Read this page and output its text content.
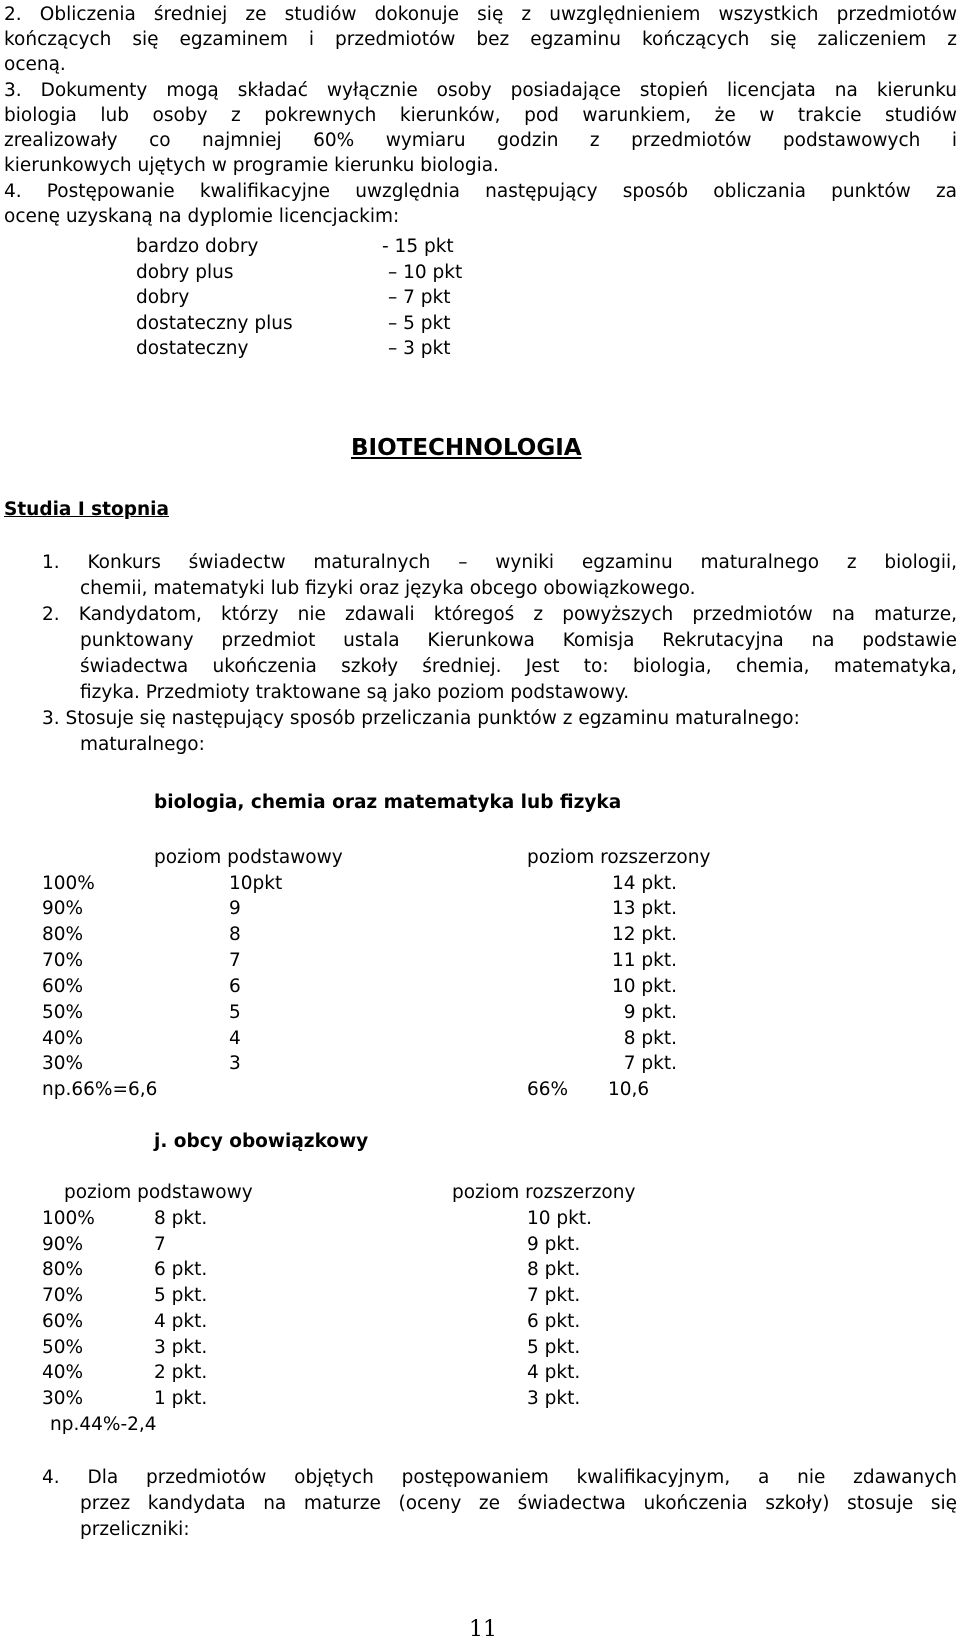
2. Obliczenia średniej ze studiów dokonuje się z uwzględnieniem wszystkich przedmiotów
kończących się egzaminem i przedmiotów bez egzaminu kończących się zaliczeniem z
oceną.
3. Dokumenty mogą składać wyłącznie osoby posiadające stopień licencjata na kierunku
biologia lub osoby z pokrewnych kierunków, pod warunkiem, że w trakcie studiów
zrealizowały co najmniej 60% wymiaru godzin z przedmiotów podstawowych i
kierunkowych ujętych w programie kierunku biologia.
4. Postępowanie kwalifikacyjne uwzględnia następujący sposób obliczania punktów za
ocenę uzyskaną na dyplomie licencjackim:
bardzo dobry	- 15 pkt
dobry plus	– 10 pkt
dobry	– 7 pkt
dostateczny plus	– 5 pkt
dostateczny	– 3 pkt
BIOTECHNOLOGIA
Studia I stopnia
1. Konkurs świadectw maturalnych – wyniki egzaminu maturalnego z biologii,
chemii, matematyki lub fizyki oraz języka obcego obowiązkowego.
2. Kandydatom, którzy nie zdawali któregoś z powyższych przedmiotów na maturze,
punktowany przedmiot ustala Kierunkowa Komisja Rekrutacyjna na podstawie
świadectwa ukończenia szkoły średniej. Jest to: biologia, chemia, matematyka,
fizyka. Przedmioty traktowane są jako poziom podstawowy.
3. Stosuje się następujący sposób przeliczania punktów z egzaminu maturalnego:
maturalnego:
biologia, chemia oraz matematyka lub fizyka
poziom podstawowy	poziom rozszerzony
100%	10pkt	14 pkt.
90%	9	13 pkt.
80%	8	12 pkt.
70%	7	11 pkt.
60%	6	10 pkt.
50%	5	9 pkt.
40%	4	8 pkt.
30%	3	7 pkt.
np.66%=6,6	66% 10,6
j. obcy obowiązkowy
poziom podstawowy	poziom rozszerzony
100%	8 pkt.	10 pkt.
90%	7	9 pkt.
80%	6 pkt.	8 pkt.
70%	5 pkt.	7 pkt.
60%	4 pkt.	6 pkt.
50%	3 pkt.	5 pkt.
40%	2 pkt.	4 pkt.
30%	1 pkt.	3 pkt.
np.44%-2,4
4. Dla przedmiotów objętych postępowaniem kwalifikacyjnym, a nie zdawanych
przez kandydata na maturze (oceny ze świadectwa ukończenia szkoły) stosuje się
przeliczniki:
11
